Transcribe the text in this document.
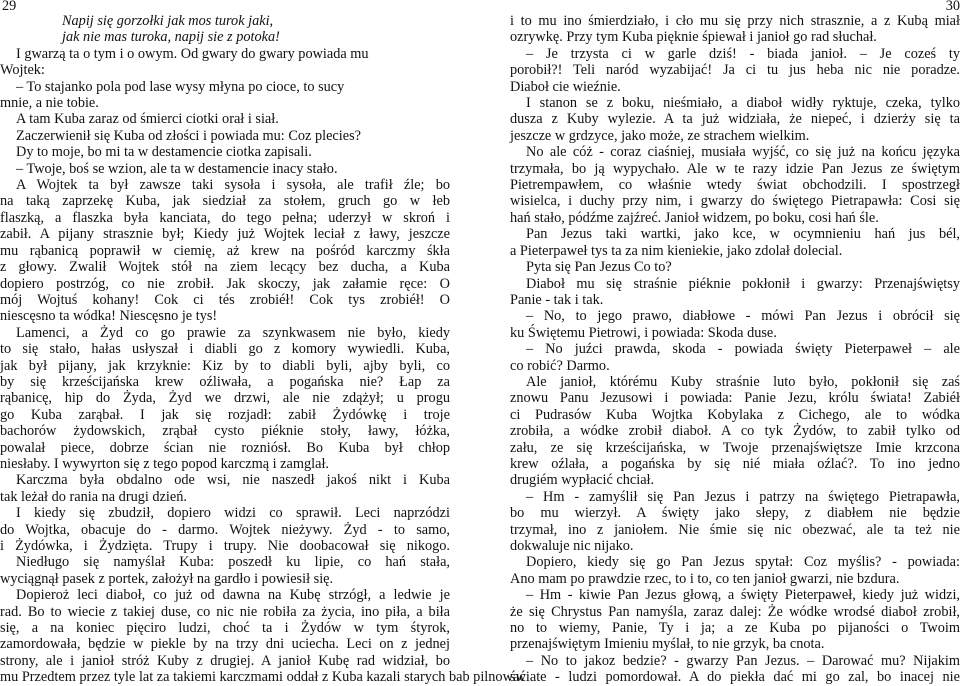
29
Napij się gorzołki jak mos turok jaki,
jak nie mas turoka, napij sie z potoka!
I gwarzą ta o tym i o owym. Od gwary do gwary powiada mu
Wojtek:
– To stajanko pola pod lase wysy młyna po cioce, to sucy
mnie, a nie tobie.
A tam Kuba zaraz od śmierci ciotki orał i siał.
Zaczerwienił się Kuba od złości i powiada mu: Coz plecies?
Dy to moje, bo mi ta w destamencie ciotka zapisali.
– Twoje, boś se wzion, ale ta w destamencie inacy stało.
A Wojtek ta był zawsze taki sysoła i sysoła, ale trafił źle; bo
na taką zaprzekę Kuba, jak siedział za stołem, gruch go w łeb
flaszką, a flaszka była kanciata, do tego pełna; uderzył w skroń i
zabił. A pijany strasznie był; Kiedy już Wojtek leciał z ławy, jeszcze
mu rąbanicą poprawił w ciemię, aż krew na pośród karczmy śkła
z głowy. Zwalił Wojtek stół na ziem lecący bez ducha, a Kuba
dopiero postrzóg, co nie zrobił. Jak skoczy, jak załamie ręce: O
mój Wojtuś kohany! Cok ci tés zrobiéł! Cok tys zrobiéł! O
niescęsno ta wódka! Niescęsno je tys!
Lamenci, a Żyd co go prawie za szynkwasem nie było, kiedy
to się stało, hałas usłyszał i diabli go z komory wywiedli. Kuba,
jak był pijany, jak krzyknie: Kiz by to diabli byli, ajby byli, co
by się krześcijańska krew oźliwała, a pogańska nie? Łap za
rąbanicę, hip do Żyda, Żyd we drzwi, ale nie zdążył; u progu
go Kuba zarąbał. I jak się rozjadł: zabił Żydówkę i troje
bachorów żydowskich, zrąbał cysto piéknie stoły, ławy, łóżka,
powalał piece, dobrze ścian nie rozniósł. Bo Kuba był chłop
niesłaby. I wywyrton się z tego popod karczmą i zamglał.
Karczma była obdalno ode wsi, nie naszedł jakoś nikt i Kuba
tak leżał do rania na drugi dzień.
I kiedy się zbudził, dopiero widzi co sprawił. Leci naprzódzi
do Wojtka, obacuje do - darmo. Wojtek nieżywy. Żyd - to samo,
i Żydówka, i Żydzięta. Trupy i trupy. Nie doobacował się nikogo.
Niedługo się namyślał Kuba: poszedł ku lipie, co hań stała,
wyciągnął pasek z portek, założył na gardło i powiesił się.
Dopieroż leci diaboł, co już od dawna na Kubę strzógł, a ledwie je
rad. Bo to wiecie z takiej duse, co nic nie robiła za życia, ino piła, a biła
się, a na koniec pięciro ludzi, choć ta i Żydów w tym śtyrok,
zamordowała, będzie w piekle by na trzy dni uciecha. Leci on z jednej
strony, ale i janioł stróż Kuby z drugiej. A janioł Kubę rad widział, bo
mu Przedtem przez tyle lat za takiemi karczmami oddał z Kuba kazali starych bab pilnować
30
i to mu ino śmierdziało, i cło mu się przy nich strasznie, a z Kubą miał
ozrywkę. Przy tym Kuba pięknie śpiewał i janioł go rad słuchał.
– Je trzysta ci w garle dziś! - biada janioł. – Je coześ ty
porobił?! Teli naród wyzabijać! Ja ci tu jus heba nic nie poradze.
Diaboł cie wieźnie.
I stanon se z boku, nieśmiało, a diaboł widły ryktuje, czeka, tylko
dusza z Kuby wylezie. A ta już widziała, że niepeć, i dzierży się ta
jeszcze w grdzyce, jako może, ze strachem wielkim.
No ale cóż - coraz ciaśniej, musiała wyjść, co się już na końcu języka
trzymała, bo ją wypychało. Ale w te razy idzie Pan Jezus ze świętym
Pietrempawłem, co właśnie wtedy świat obchodzili. I spostrzegł
wisielca, i duchy przy nim, i gwarzy do świętego Pietrapawła: Cosi się
hań stało, pódźme zajźreć. Janioł widzem, po boku, cosi hań śle.
Pan Jezus taki wartki, jako kce, w ocymnieniu hań jus bél,
a Pieterpaweł tys ta za nim kieniekie, jako zdolał dolecial.
Pyta się Pan Jezus Co to?
Diaboł mu się straśnie piéknie pokłonił i gwarzy: Przenajświętsy
Panie - tak i tak.
– No, to jego prawo, diabłowe - mówi Pan Jezus i obrócił się
ku Świętemu Pietrowi, i powiada: Skoda duse.
– No juźci prawda, skoda - powiada święty Pieterpaweł – ale
co robić? Darmo.
Ale janioł, którému Kuby straśnie luto było, pokłonił się zaś
znowu Panu Jezusowi i powiada: Panie Jezu, królu świata! Zabiéł
ci Pudrasów Kuba Wojtka Kobylaka z Cichego, ale to wódka
zrobiła, a wódke zrobił diaboł. A co tyk Żydów, to zabił tylko od
zału, ze się krześcijańska, w Twoje przenajświętsze Imie krzcona
krew oźlała, a pogańska by się nié miała oźlać?. To ino jedno
drugiém wypłacić chciał.
– Hm - zamyślił się Pan Jezus i patrzy na świętego Pietrapawła,
bo mu wierzył. A święty jako słepy, z diabłem nie będzie
trzymał, ino z janiołem. Nie śmie się nic obezwać, ale ta też nie
dokwaluje nic nijako.
Dopiero, kiedy się go Pan Jezus spytał: Coz myślis? - powiada:
Ano mam po prawdzie rzec, to i to, co ten janioł gwarzi, nie bzdura.
– Hm - kiwie Pan Jezus głową, a święty Pieterpaweł, kiedy już widzi,
że się Chrystus Pan namyśla, zaraz dalej: Że wódke wrodsé diaboł zrobił,
no to wiemy, Panie, Ty i ja; a ze Kuba po pijaności o Twoim
przenajświętym Imieniu myślał, to nie grzyk, ba cnota.
– No to jakoz bedzie? - gwarzy Pan Jezus. – Darować mu? Nijakim
świate - ludzi pomordował. A do piekła dać mi go zal, bo inacej nie
